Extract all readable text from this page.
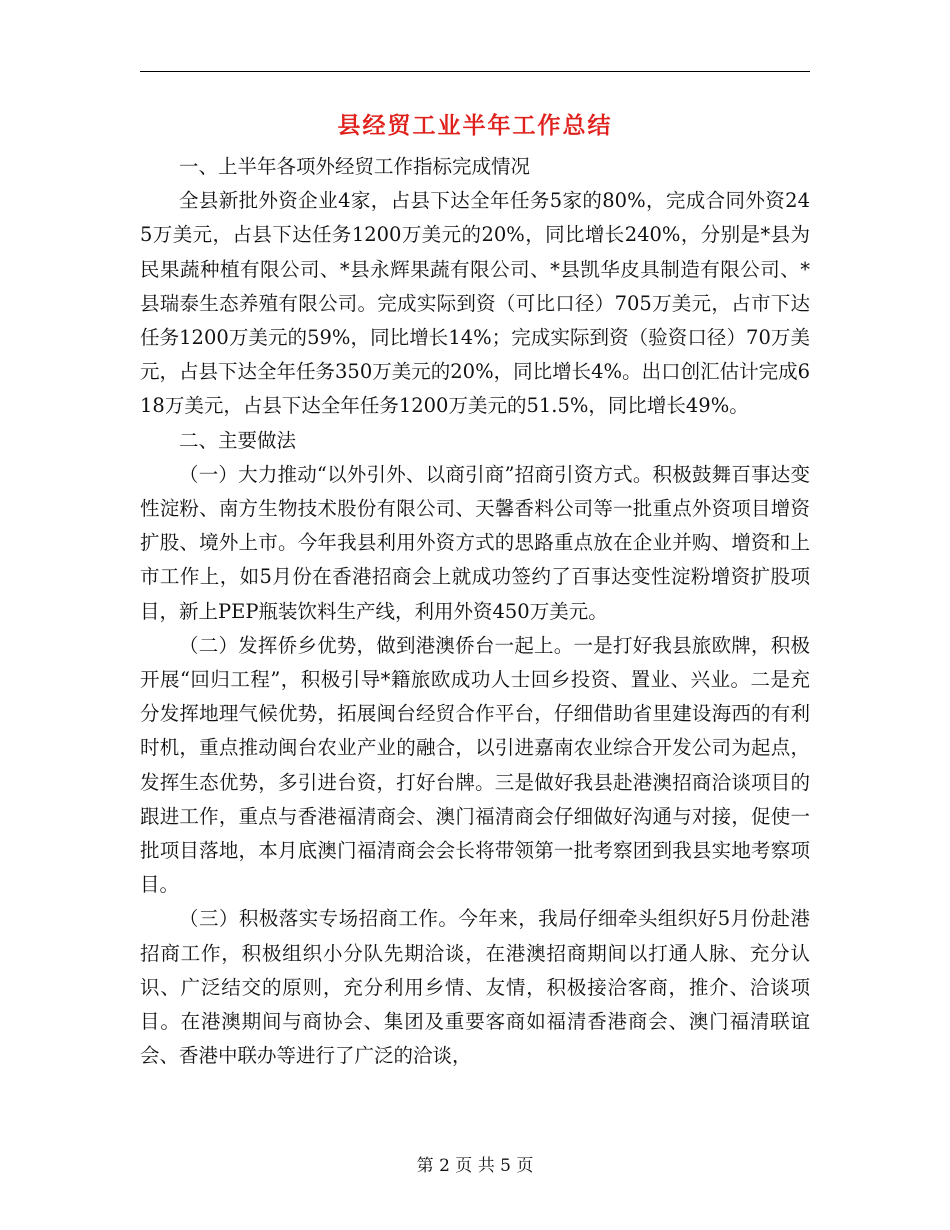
县经贸工业半年工作总结

一、上半年各项外经贸工作指标完成情况

全县新批外资企业4家，占县下达全年任务5家的80%，完成合同外资245万美元，占县下达任务1200万美元的20%，同比增长240%，分别是*县为民果蔬种植有限公司、*县永辉果蔬有限公司、*县凯华皮具制造有限公司、*县瑞泰生态养殖有限公司。完成实际到资（可比口径）705万美元，占市下达任务1200万美元的59%，同比增长14%；完成实际到资（验资口径）70万美元，占县下达全年任务350万美元的20%，同比增长4%。出口创汇估计完成618万美元，占县下达全年任务1200万美元的51.5%，同比增长49%。

二、主要做法

（一）大力推动“以外引外、以商引商”招商引资方式。积极鼓舞百事达变性淀粉、南方生物技术股份有限公司、天馨香料公司等一批重点外资项目增资扩股、境外上市。今年我县利用外资方式的思路重点放在企业并购、增资和上市工作上，如5月份在香港招商会上就成功签约了百事达变性淀粉增资扩股项目，新上PEP瓶装饮料生产线，利用外资450万美元。

（二）发挥侨乡优势，做到港澳侨台一起上。一是打好我县旅欧牌，积极开展“回归工程”，积极引导*籍旅欧成功人士回乡投资、置业、兴业。二是充分发挥地理气候优势，拓展闽台经贸合作平台，仔细借助省里建设海西的有利时机，重点推动闽台农业产业的融合，以引进嘉南农业综合开发公司为起点，发挥生态优势，多引进台资，打好台牌。三是做好我县赴港澳招商洽谈项目的跟进工作，重点与香港福清商会、澳门福清商会仔细做好沟通与对接，促使一批项目落地，本月底澳门福清商会会长将带领第一批考察团到我县实地考察项目。

（三）积极落实专场招商工作。今年来，我局仔细牵头组织好5月份赴港招商工作，积极组织小分队先期洽谈，在港澳招商期间以打通人脉、充分认识、广泛结交的原则，充分利用乡情、友情，积极接洽客商，推介、洽谈项目。在港澳期间与商协会、集团及重要客商如福清香港商会、澳门福清联谊会、香港中联办等进行了广泛的洽谈，

第 2 页 共 5 页
